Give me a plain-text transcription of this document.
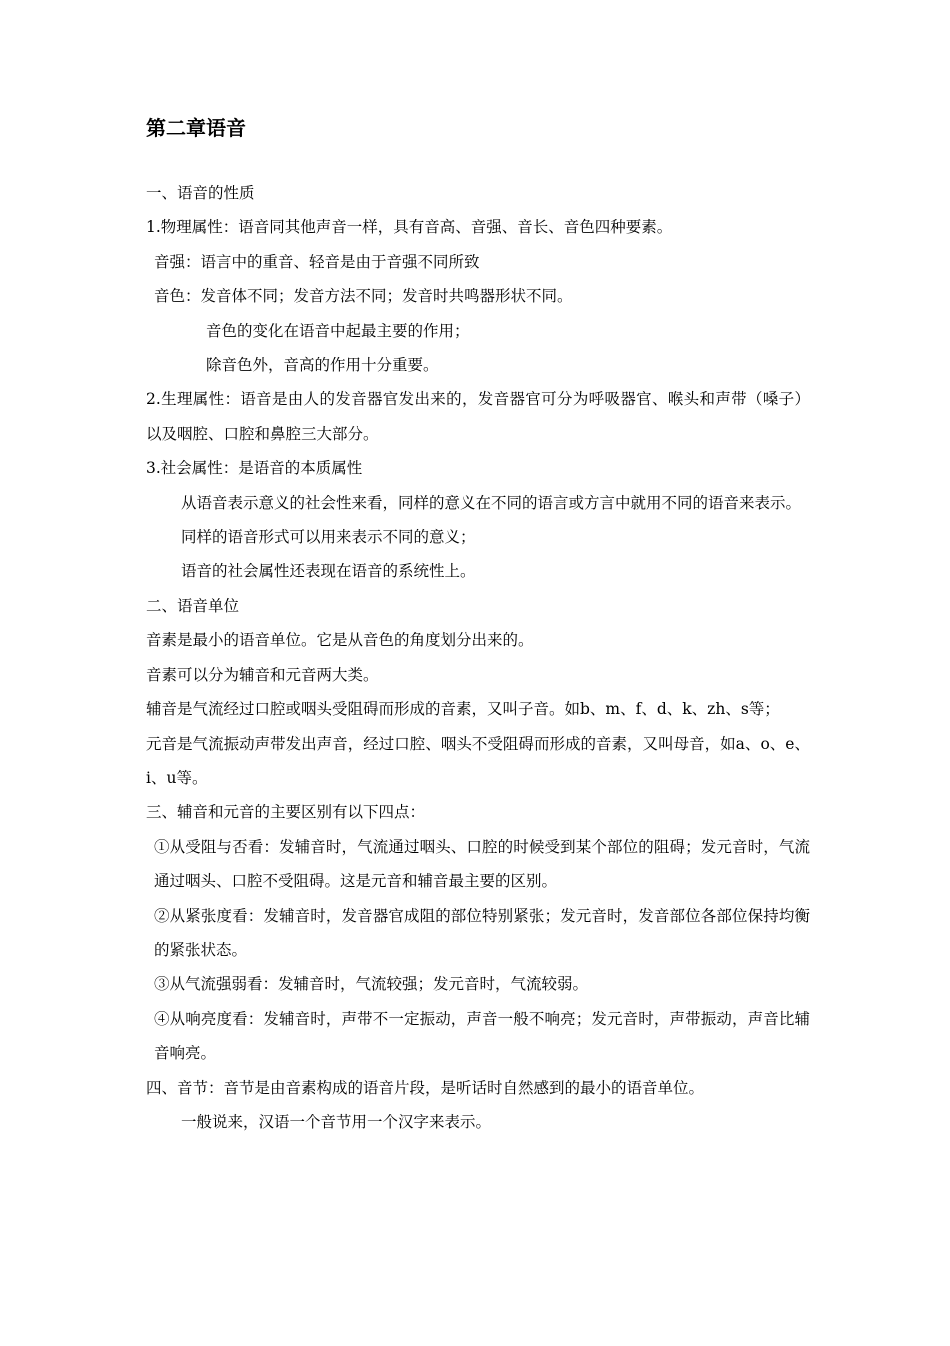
第二章语音

一、语音的性质

1.物理属性：语音同其他声音一样，具有音高、音强、音长、音色四种要素。

音强：语言中的重音、轻音是由于音强不同所致

音色：发音体不同；发音方法不同；发音时共鸣器形状不同。

音色的变化在语音中起最主要的作用；

除音色外，音高的作用十分重要。

2.生理属性：语音是由人的发音器官发出来的，发音器官可分为呼吸器官、喉头和声带（嗓子）以及咽腔、口腔和鼻腔三大部分。

3.社会属性：是语音的本质属性

从语音表示意义的社会性来看，同样的意义在不同的语言或方言中就用不同的语音来表示。

同样的语音形式可以用来表示不同的意义；

语音的社会属性还表现在语音的系统性上。

二、语音单位

音素是最小的语音单位。它是从音色的角度划分出来的。

音素可以分为辅音和元音两大类。

辅音是气流经过口腔或咽头受阻碍而形成的音素，又叫子音。如b、m、f、d、k、zh、s等；

元音是气流振动声带发出声音，经过口腔、咽头不受阻碍而形成的音素，又叫母音，如a、o、e、i、u等。

三、辅音和元音的主要区别有以下四点：

①从受阻与否看：发辅音时，气流通过咽头、口腔的时候受到某个部位的阻碍；发元音时，气流通过咽头、口腔不受阻碍。这是元音和辅音最主要的区别。

②从紧张度看：发辅音时，发音器官成阻的部位特别紧张；发元音时，发音部位各部位保持均衡的紧张状态。

③从气流强弱看：发辅音时，气流较强；发元音时，气流较弱。

④从响亮度看：发辅音时，声带不一定振动，声音一般不响亮；发元音时，声带振动，声音比辅音响亮。

四、音节：音节是由音素构成的语音片段，是听话时自然感到的最小的语音单位。

一般说来，汉语一个音节用一个汉字来表示。
